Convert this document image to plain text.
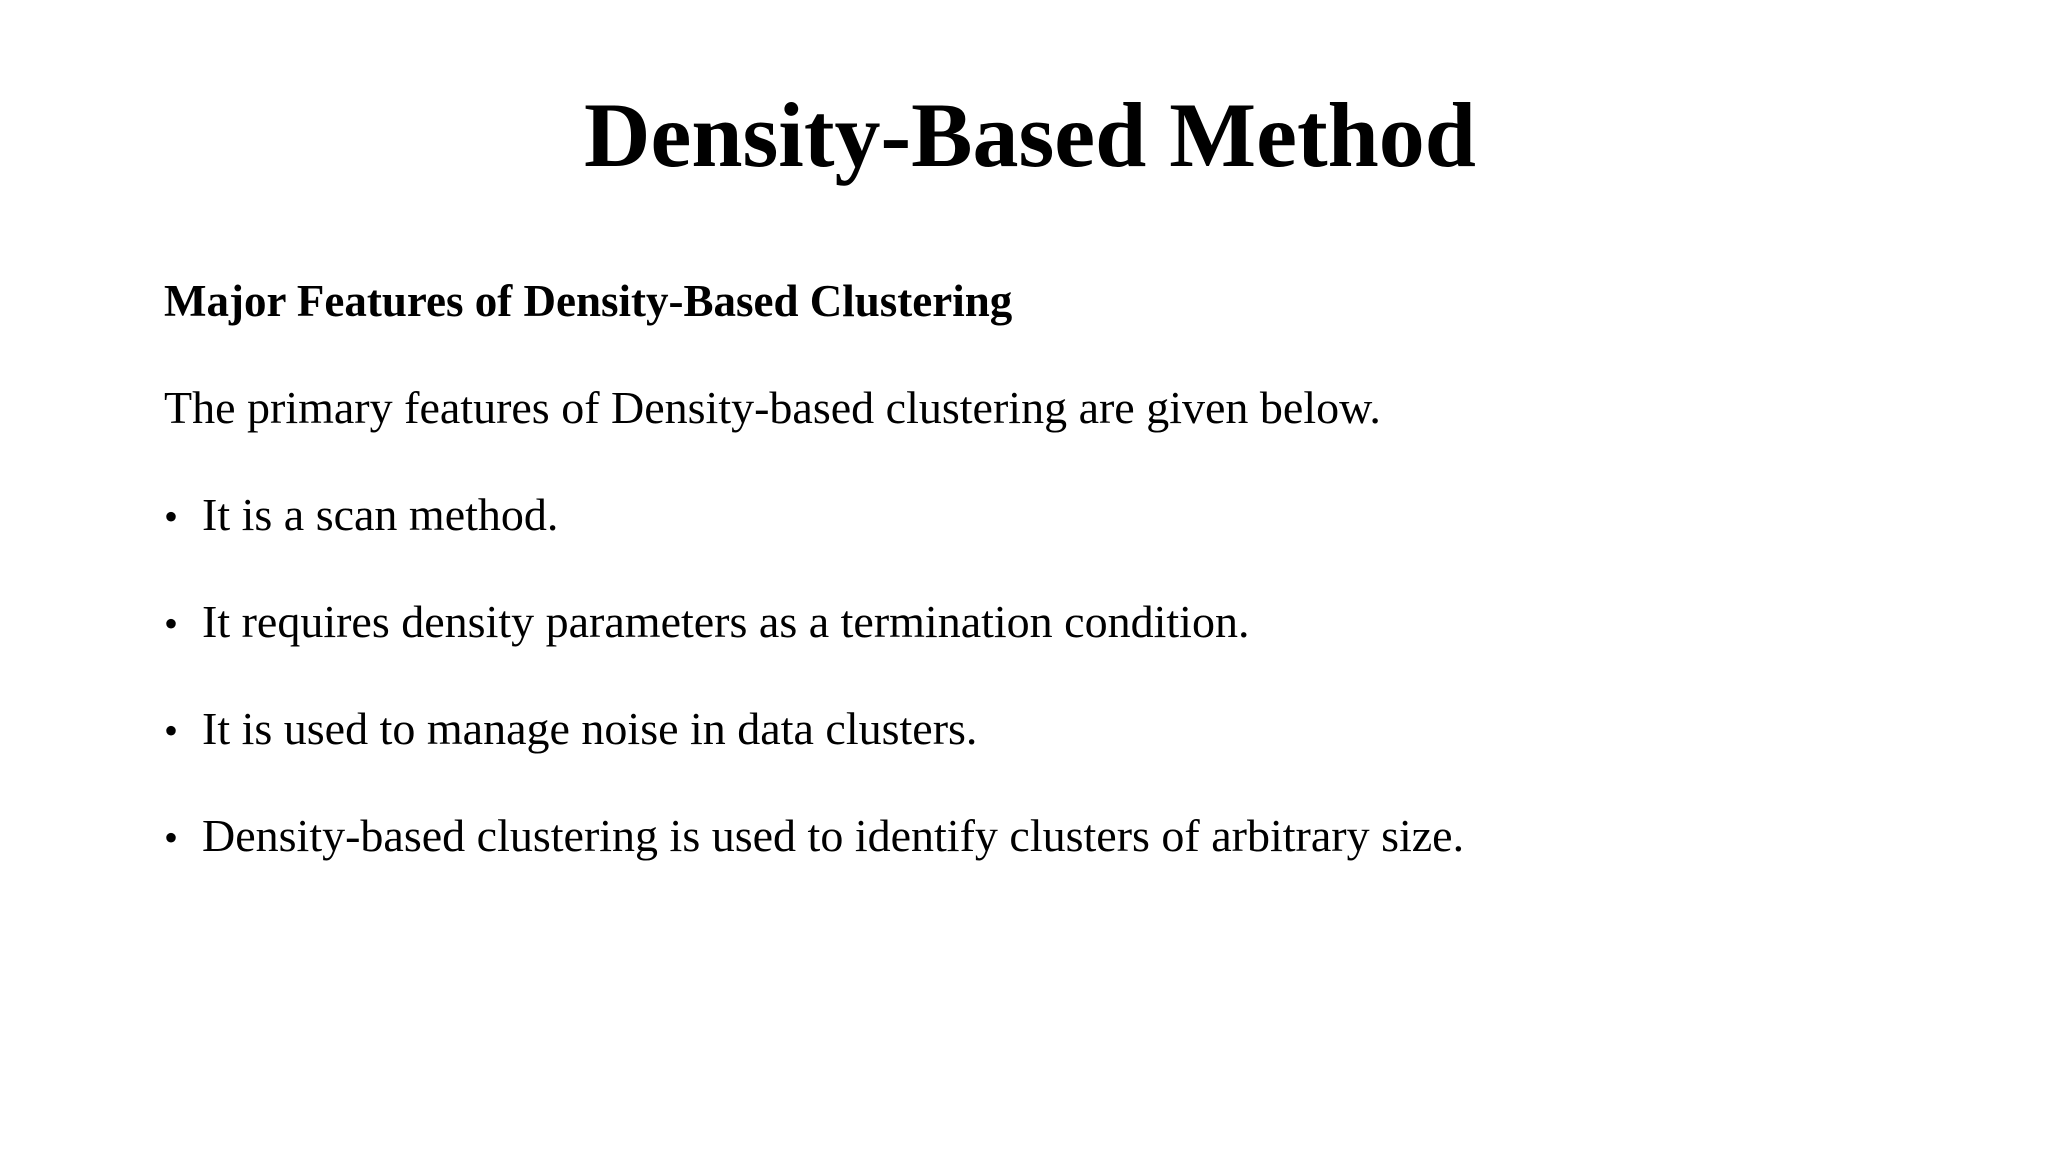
Density-Based Method

Major Features of Density-Based Clustering

The primary features of Density-based clustering are given below.

• It is a scan method.
• It requires density parameters as a termination condition.
• It is used to manage noise in data clusters.
• Density-based clustering is used to identify clusters of arbitrary size.
